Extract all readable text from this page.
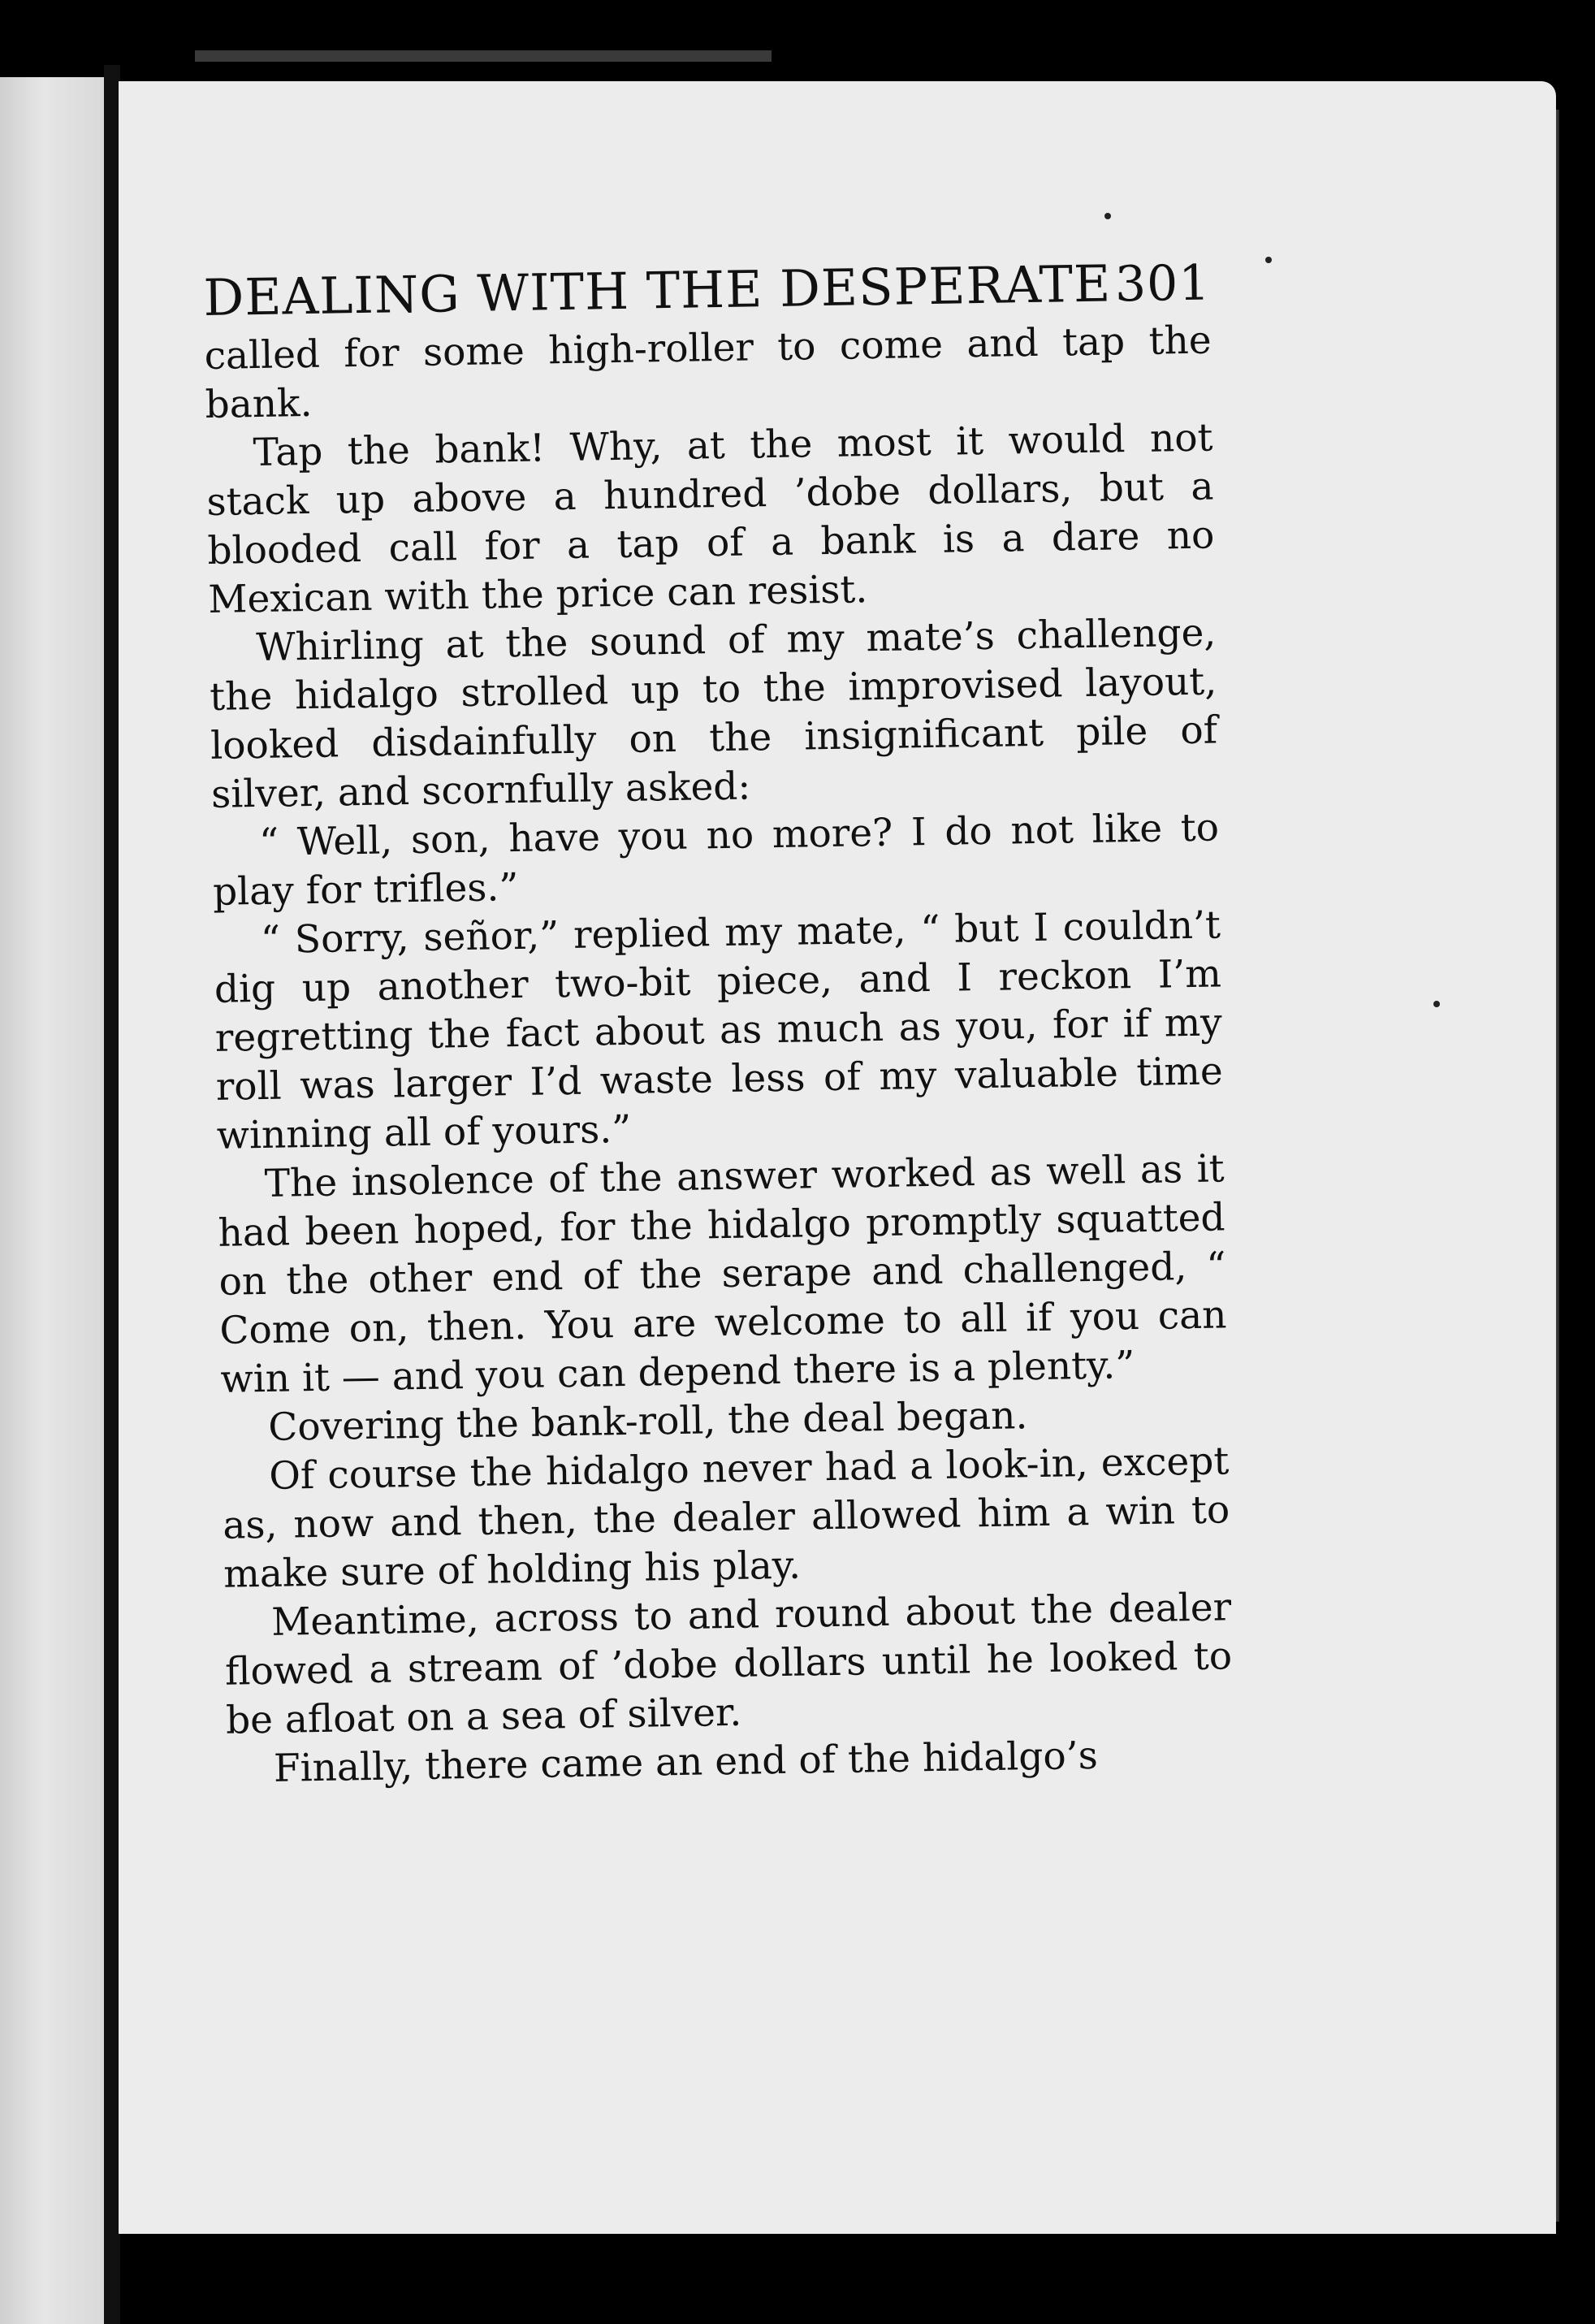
DEALING WITH THE DESPERATE 301

called for some high-roller to come and tap the bank.

Tap the bank! Why, at the most it would not stack up above a hundred ’dobe dollars, but a blooded call for a tap of a bank is a dare no Mexican with the price can resist.

Whirling at the sound of my mate’s challenge, the hidalgo strolled up to the improvised layout, looked disdainfully on the insignificant pile of silver, and scornfully asked:

“ Well, son, have you no more? I do not like to play for trifles.”

“ Sorry, señor,” replied my mate, “ but I couldn’t dig up another two-bit piece, and I reckon I’m regretting the fact about as much as you, for if my roll was larger I’d waste less of my valuable time winning all of yours.”

The insolence of the answer worked as well as it had been hoped, for the hidalgo promptly squatted on the other end of the serape and challenged, “ Come on, then. You are welcome to all if you can win it — and you can depend there is a plenty.”

Covering the bank-roll, the deal began.

Of course the hidalgo never had a look-in, except as, now and then, the dealer allowed him a win to make sure of holding his play.

Meantime, across to and round about the dealer flowed a stream of ’dobe dollars until he looked to be afloat on a sea of silver.

Finally, there came an end of the hidalgo’s
